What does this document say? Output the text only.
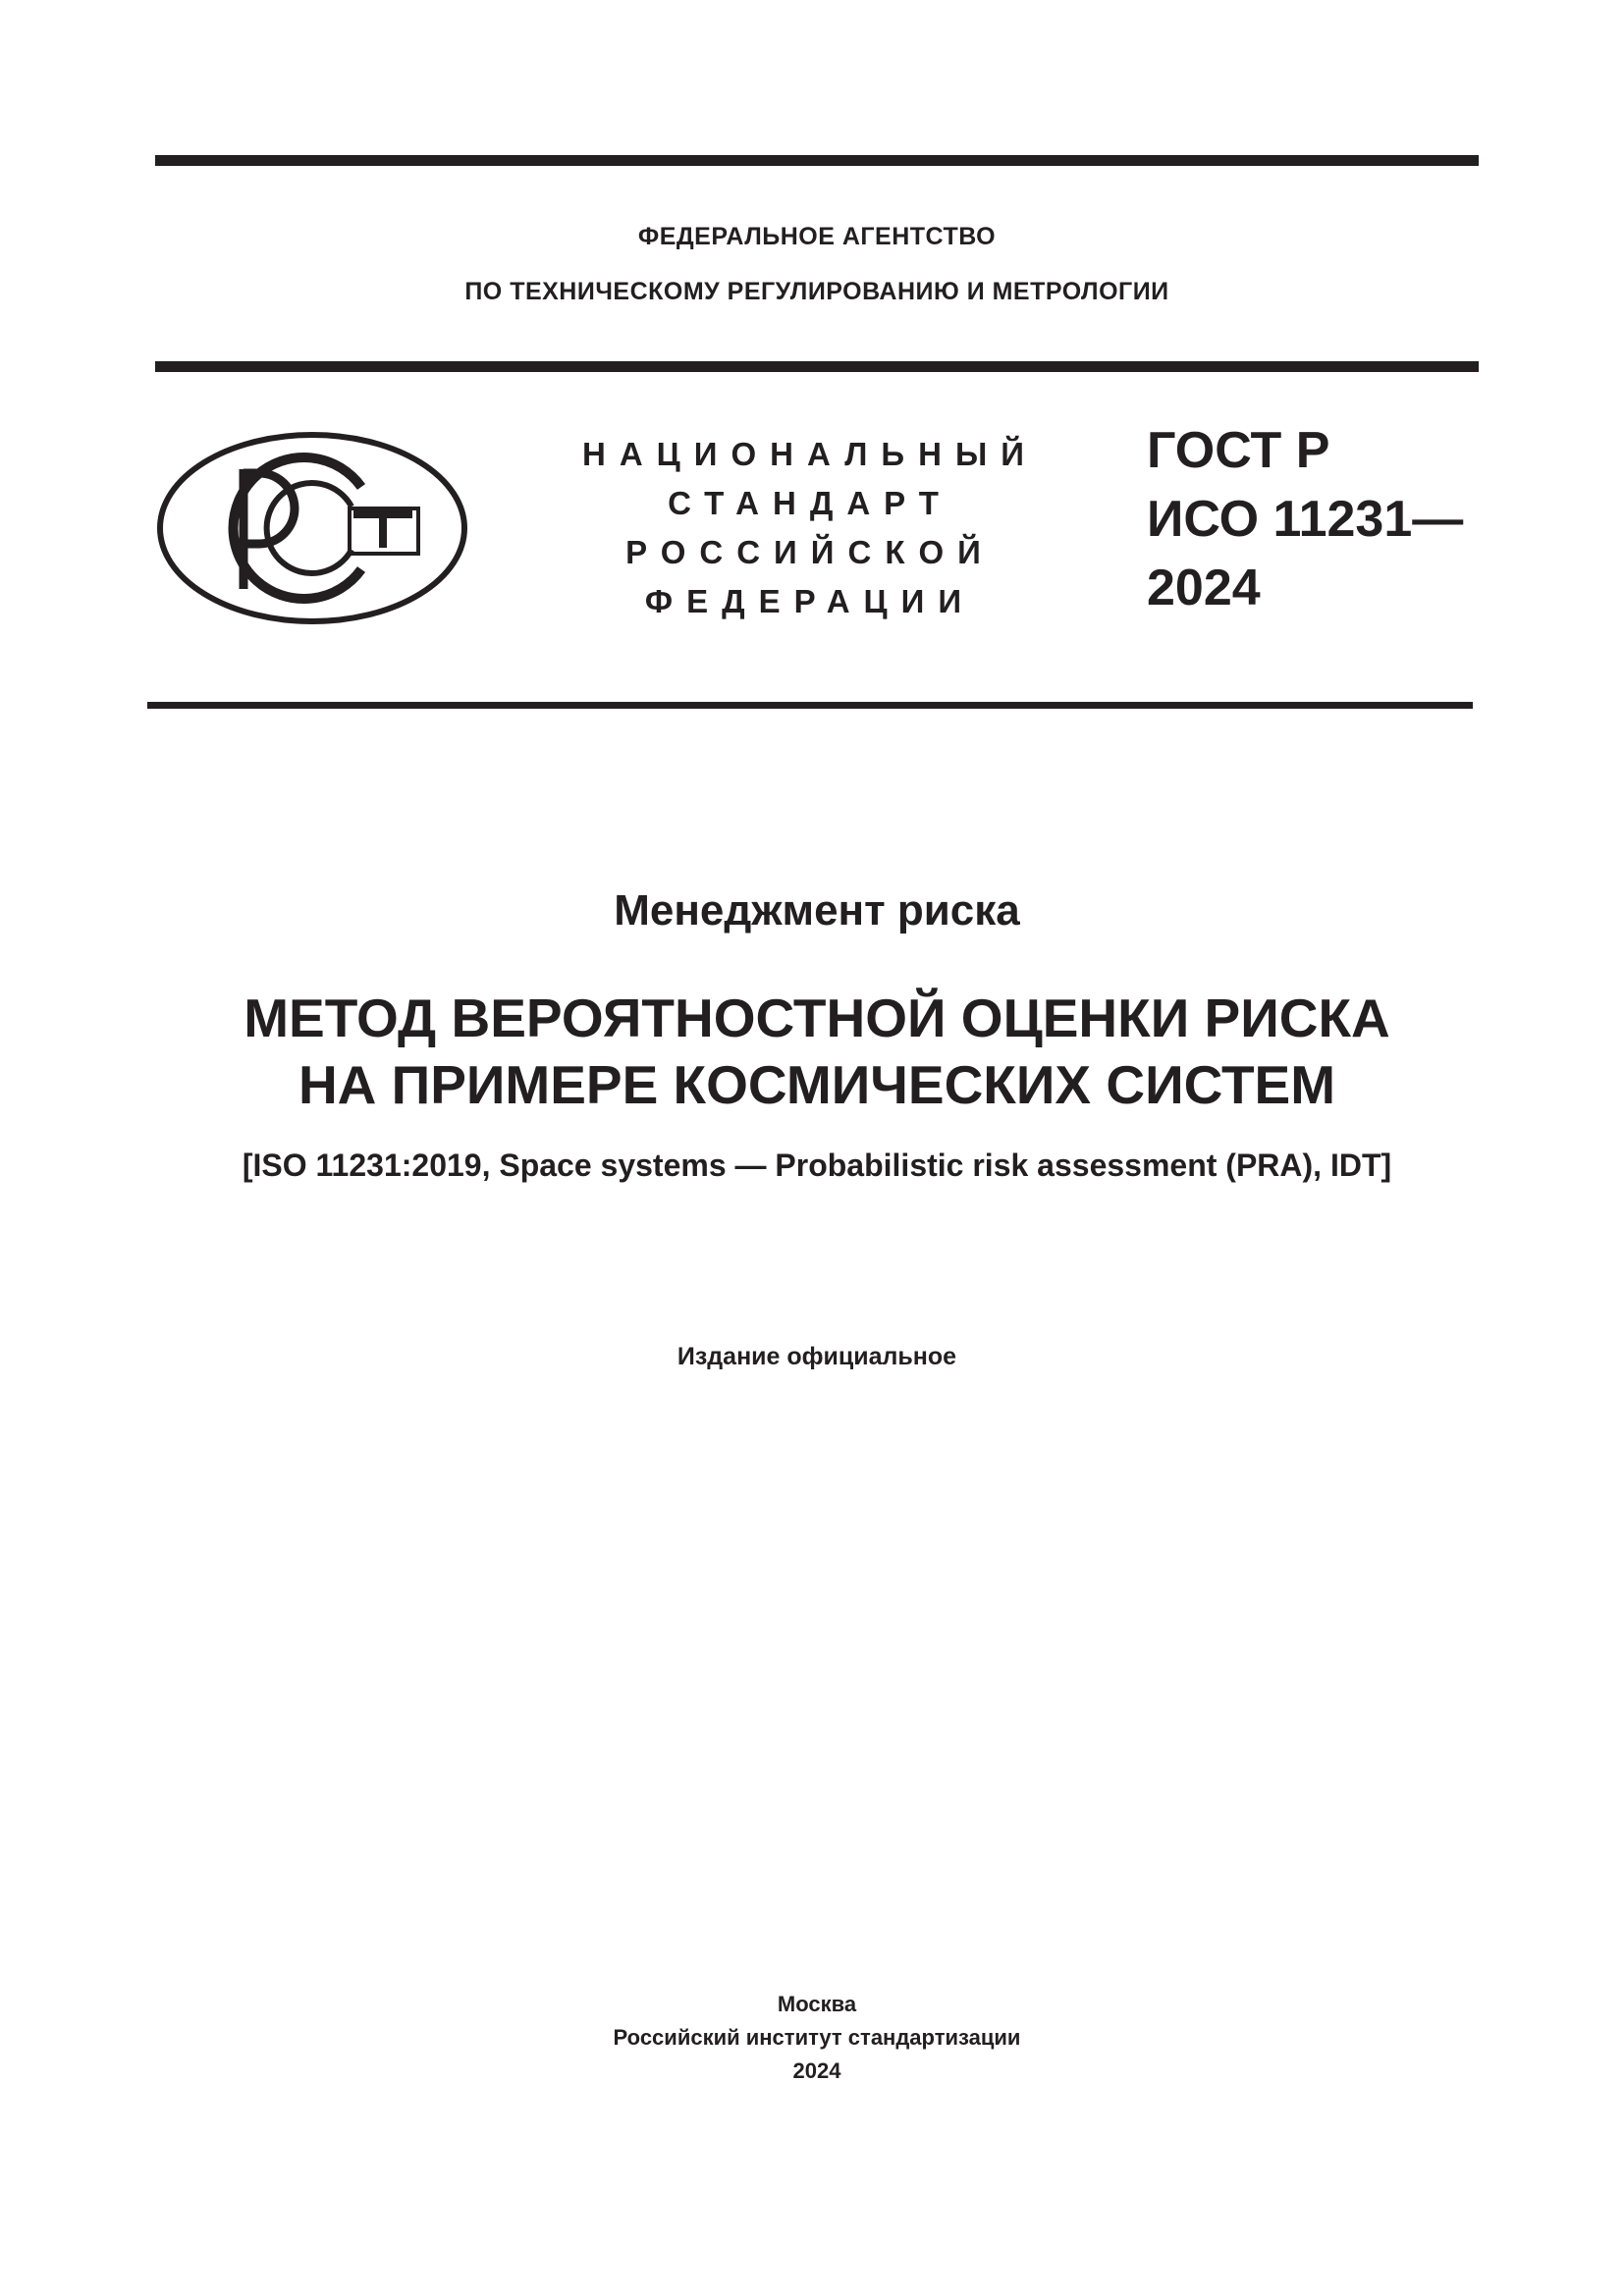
ФЕДЕРАЛЬНОЕ АГЕНТСТВО
ПО ТЕХНИЧЕСКОМУ РЕГУЛИРОВАНИЮ И МЕТРОЛОГИИ
НАЦИОНАЛЬНЫЙ
СТАНДАРТ
РОССИЙСКОЙ
ФЕДЕРАЦИИ
ГОСТ Р
ИСО 11231—
2024
Менеджмент риска
МЕТОД ВЕРОЯТНОСТНОЙ ОЦЕНКИ РИСКА
НА ПРИМЕРЕ КОСМИЧЕСКИХ СИСТЕМ
[ISO 11231:2019, Space systems — Probabilistic risk assessment (PRA), IDT]
Издание официальное
Москва
Российский институт стандартизации
2024
